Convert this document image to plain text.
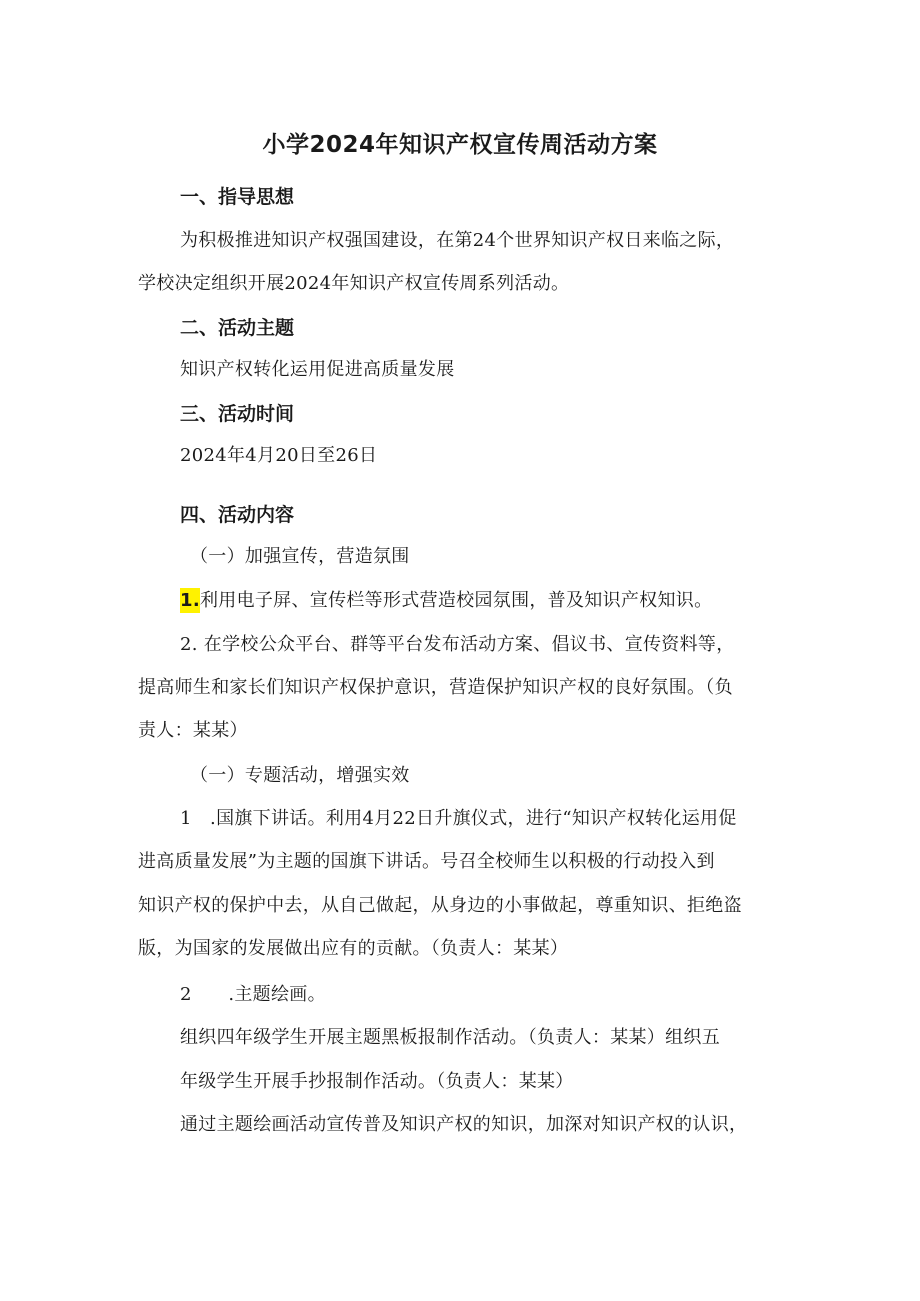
小学2024年知识产权宣传周活动方案
一、指导思想
为积极推进知识产权强国建设，在第24个世界知识产权日来临之际，
学校决定组织开展2024年知识产权宣传周系列活动。
二、活动主题
知识产权转化运用促进高质量发展
三、活动时间
2024年4月20日至26日
四、活动内容
（一）加强宣传，营造氛围
1.利用电子屏、宣传栏等形式营造校园氛围，普及知识产权知识。
2. 在学校公众平台、群等平台发布活动方案、倡议书、宣传资料等，
提高师生和家长们知识产权保护意识，营造保护知识产权的良好氛围。（负
责人：某某）
（一）专题活动，增强实效
1　.国旗下讲话。利用4月22日升旗仪式，进行“知识产权转化运用促
进高质量发展”为主题的国旗下讲话。号召全校师生以积极的行动投入到
知识产权的保护中去，从自己做起，从身边的小事做起，尊重知识、拒绝盗
版，为国家的发展做出应有的贡献。（负责人：某某）
2　　.主题绘画。
组织四年级学生开展主题黑板报制作活动。（负责人：某某）组织五
年级学生开展手抄报制作活动。（负责人：某某）
通过主题绘画活动宣传普及知识产权的知识，加深对知识产权的认识，
